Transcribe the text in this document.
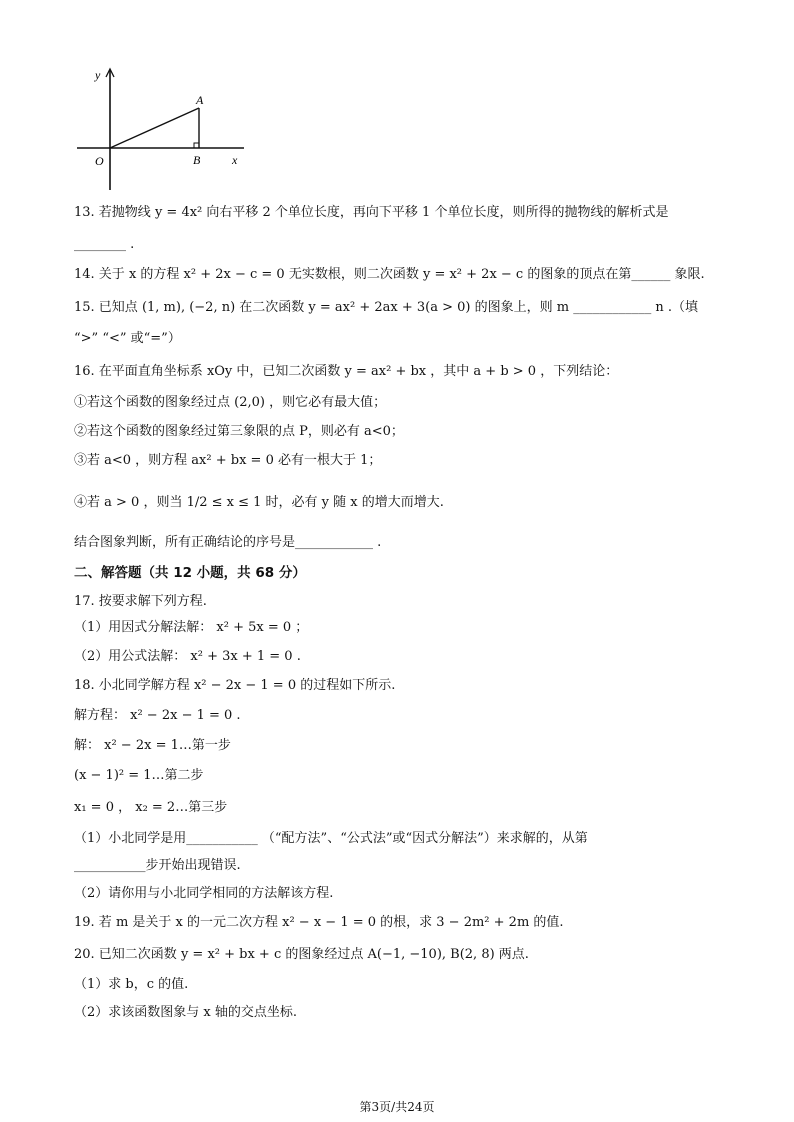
y
A
O	B	x
13. 若抛物线 y = 4x² 向右平移 2 个单位长度，再向下平移 1 个单位长度，则所得的抛物线的解析式是
________ .
14. 关于 x 的方程 x² + 2x − c = 0 无实数根，则二次函数 y = x² + 2x − c 的图象的顶点在第______ 象限.
15. 已知点 (1, m), (−2, n) 在二次函数 y = ax² + 2ax + 3(a > 0) 的图象上，则 m ____________ n .（填
“>” “<” 或“=”）
16. 在平面直角坐标系 xOy 中，已知二次函数 y = ax² + bx ，其中 a + b > 0 ，下列结论：
①若这个函数的图象经过点 (2,0) ，则它必有最大值；
②若这个函数的图象经过第三象限的点 P，则必有 a<0；
③若 a<0 ，则方程 ax² + bx = 0 必有一根大于 1；
④若 a > 0 ，则当 1/2 ≤ x ≤ 1 时，必有 y 随 x 的增大而增大.
结合图象判断，所有正确结论的序号是____________ .
二、解答题（共 12 小题，共 68 分）
17. 按要求解下列方程.
（1）用因式分解法解： x² + 5x = 0 ；
（2）用公式法解： x² + 3x + 1 = 0 .
18. 小北同学解方程 x² − 2x − 1 = 0 的过程如下所示.
解方程： x² − 2x − 1 = 0 .
解： x² − 2x = 1…第一步
(x − 1)² = 1…第二步
x₁ = 0 ， x₂ = 2…第三步
（1）小北同学是用___________ （“配方法”、“公式法”或“因式分解法”）来求解的，从第
___________步开始出现错误.
（2）请你用与小北同学相同的方法解该方程.
19. 若 m 是关于 x 的一元二次方程 x² − x − 1 = 0 的根，求 3 − 2m² + 2m 的值.
20. 已知二次函数 y = x² + bx + c 的图象经过点 A(−1, −10), B(2, 8) 两点.
（1）求 b，c 的值.
（2）求该函数图象与 x 轴的交点坐标.
第3页/共24页
